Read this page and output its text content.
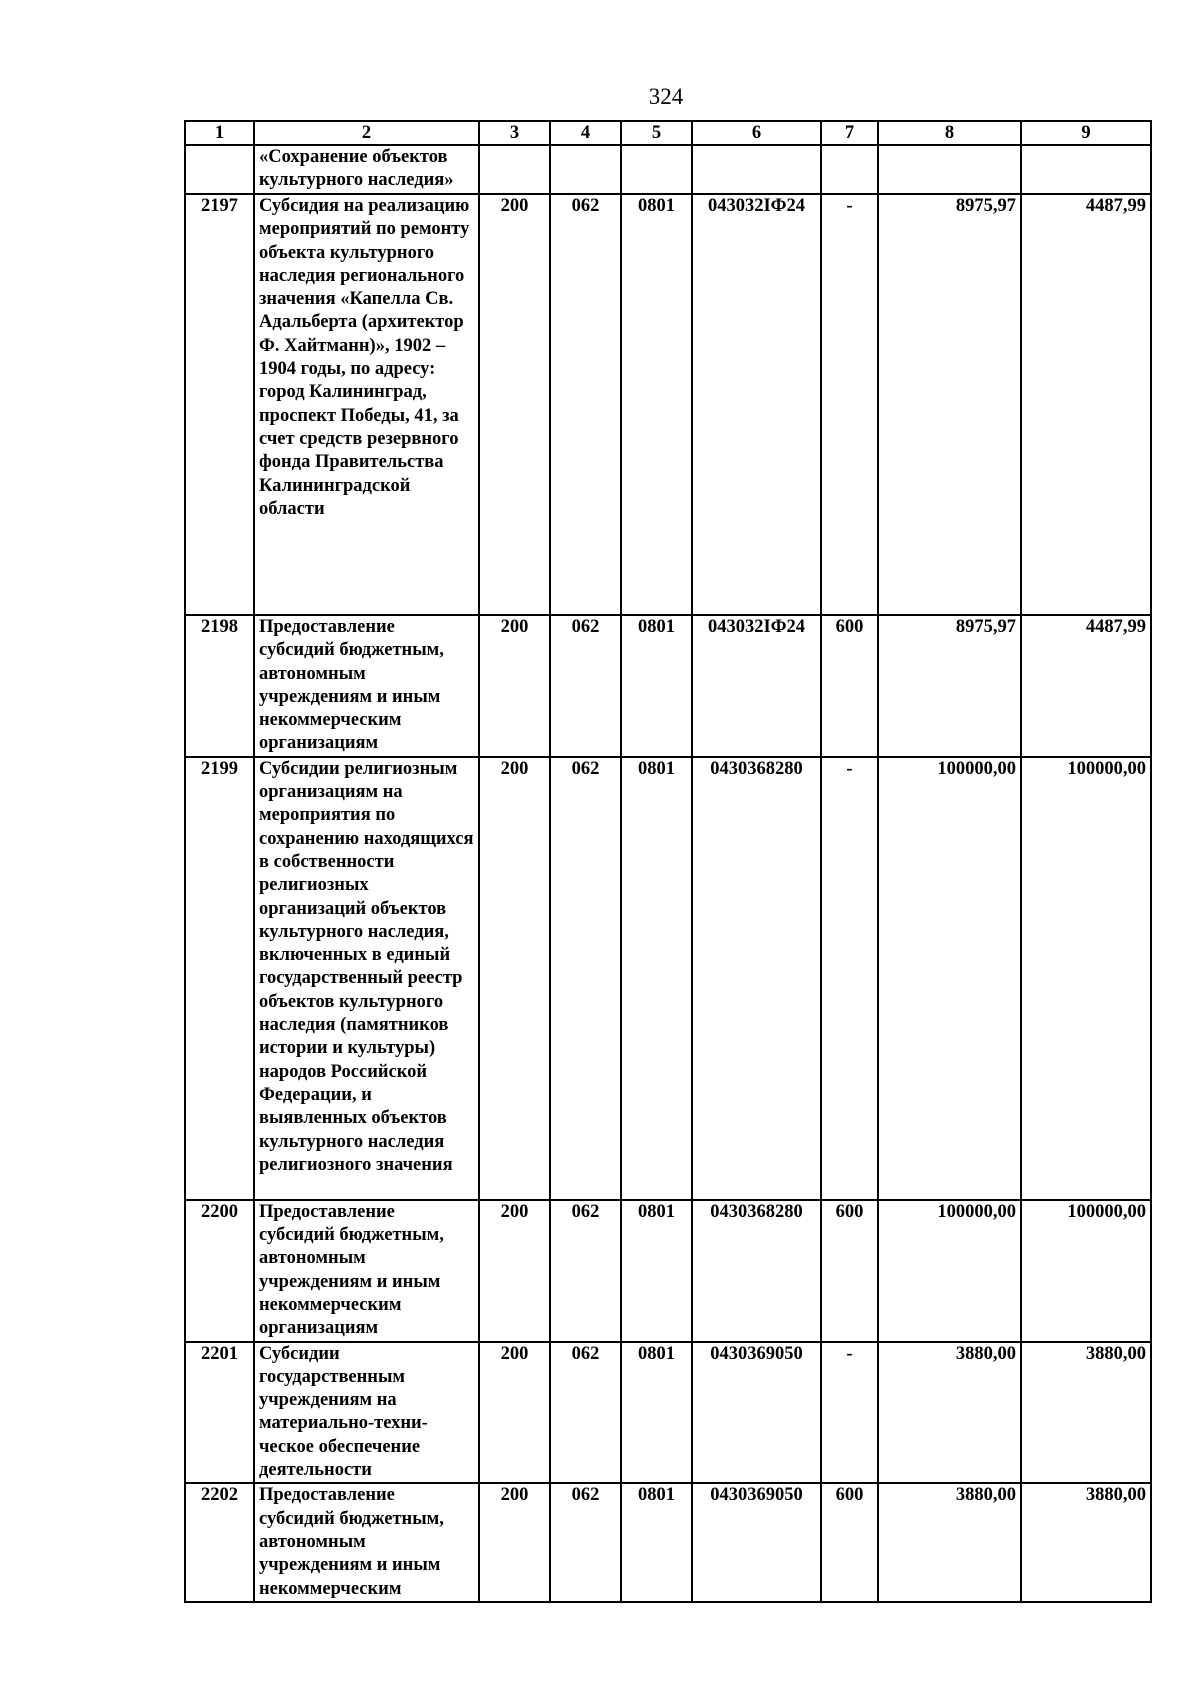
324
1	2	3	4	5	6	7	8	9
	«Сохранение объектов культурного наследия»							
2197	Субсидия на реализацию мероприятий по ремонту объекта культурного наследия регионального значения «Капелла Св. Адальберта (архитектор Ф. Хайтманн)», 1902 – 1904 годы, по адресу: город Калининград, проспект Победы, 41, за счет средств резервного фонда Правительства Калининградской области	200	062	0801	043032ІФ24	-	8975,97	4487,99
2198	Предоставление субсидий бюджетным, автономным учреждениям и иным некоммерческим организациям	200	062	0801	043032ІФ24	600	8975,97	4487,99
2199	Субсидии религиозным организациям на мероприятия по сохранению находящихся в собственности религиозных организаций объектов культурного наследия, включенных в единый государственный реестр объектов культурного наследия (памятников истории и культуры) народов Российской Федерации, и выявленных объектов культурного наследия религиозного значения	200	062	0801	0430368280	-	100000,00	100000,00
2200	Предоставление субсидий бюджетным, автономным учреждениям и иным некоммерческим организациям	200	062	0801	0430368280	600	100000,00	100000,00
2201	Субсидии государственным учреждениям на материально-техни-ческое обеспечение деятельности	200	062	0801	0430369050	-	3880,00	3880,00
2202	Предоставление субсидий бюджетным, автономным учреждениям и иным некоммерческим	200	062	0801	0430369050	600	3880,00	3880,00
